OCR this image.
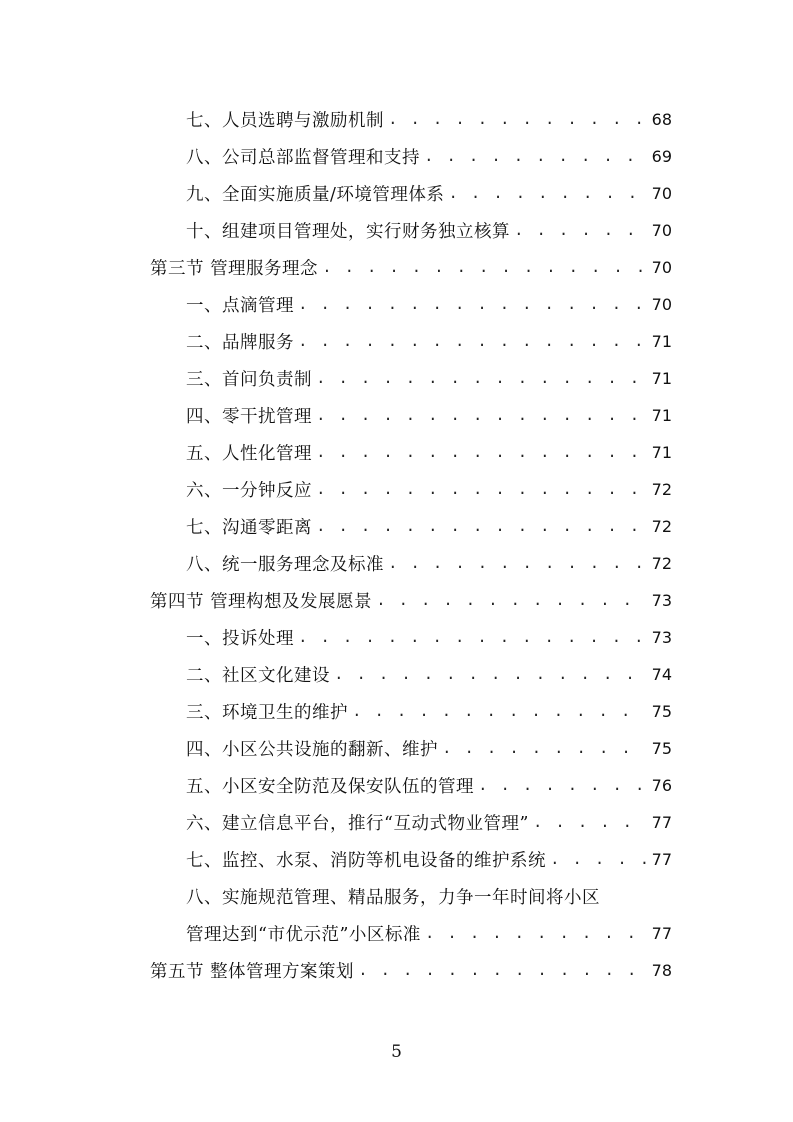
七、人员选聘与激励机制 . . .	68
八、公司总部监督管理和支持 . . .	69
九、全面实施质量/环境管理体系 . . .	70
十、组建项目管理处，实行财务独立核算 . . .	70
第三节 管理服务理念 . . .	70
一、点滴管理 . . .	70
二、品牌服务 . . .	71
三、首问负责制 . . .	71
四、零干扰管理 . . .	71
五、人性化管理 . . .	71
六、一分钟反应 . . .	72
七、沟通零距离 . . .	72
八、统一服务理念及标准 . . .	72
第四节 管理构想及发展愿景 . . .	73
一、投诉处理 . . .	73
二、社区文化建设 . . .	74
三、环境卫生的维护 . . .	75
四、小区公共设施的翻新、维护 . . .	75
五、小区安全防范及保安队伍的管理 . . .	76
六、建立信息平台，推行“互动式物业管理” . . .	77
七、监控、水泵、消防等机电设备的维护系统 . . .	77
八、实施规范管理、精品服务，力争一年时间将小区
管理达到“市优示范”小区标准 . . .	77
第五节 整体管理方案策划 . . .	78
5
